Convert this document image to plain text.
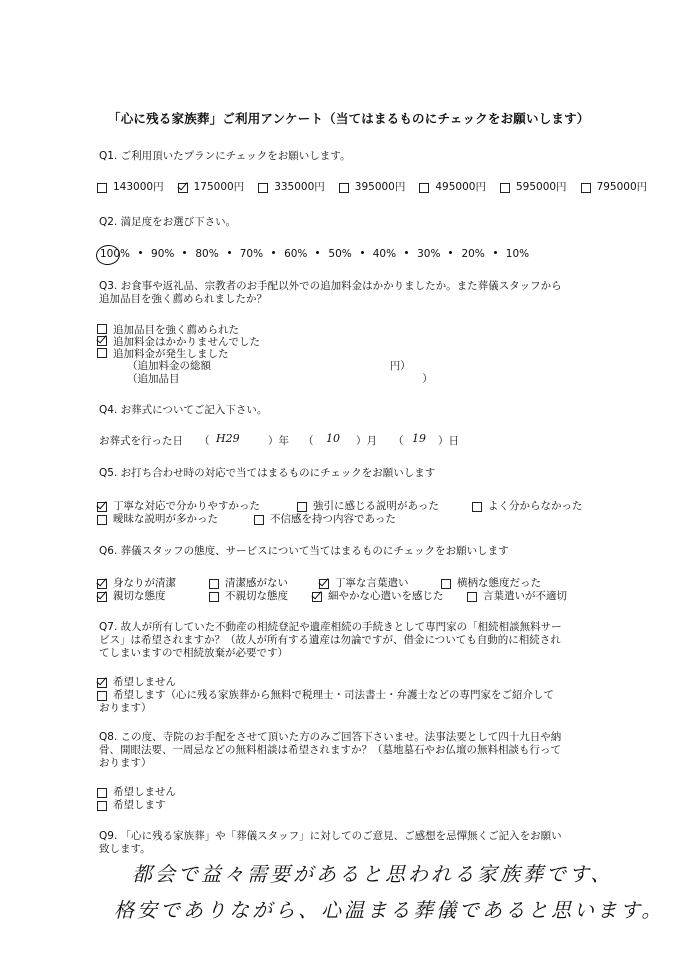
「心に残る家族葬」ご利用アンケート（当てはまるものにチェックをお願いします）
Q1. ご利用頂いたプランにチェックをお願いします。
143000円	175000円	335000円	395000円	495000円	595000円	795000円
Q2. 満足度をお選び下さい。
100% 90% 80% 70% 60% 50% 40% 30% 20% 10%
Q3. お食事や返礼品、宗教者のお手配以外での追加料金はかかりましたか。また葬儀スタッフから
追加品目を強く薦められましたか？
追加品目を強く薦められた
追加料金はかかりませんでした
追加料金が発生しました
（追加料金の総額	円）
（追加品目	）
Q4. お葬式についてご記入下さい。
お葬式を行った日 （ H29	）年 （ 10 ）月 （ 19 ）日
Q5. お打ち合わせ時の対応で当てはまるものにチェックをお願いします
丁寧な対応で分かりやすかった	強引に感じる説明があった	よく分からなかった
曖昧な説明が多かった	不信感を持つ内容であった
Q6. 葬儀スタッフの態度、サービスについて当てはまるものにチェックをお願いします
身なりが清潔	清潔感がない	丁寧な言葉遣い	横柄な態度だった
親切な態度	不親切な態度	細やかな心遣いを感じた	言葉遣いが不適切
Q7. 故人が所有していた不動産の相続登記や遺産相続の手続きとして専門家の「相続相談無料サー
ビス」は希望されますか？（故人が所有する遺産は勿論ですが、借金についても自動的に相続され
てしまいますので相続放棄が必要です）
希望しません
希望します（心に残る家族葬から無料で税理士・司法書士・弁護士などの専門家をご紹介して
おります）
Q8. この度、寺院のお手配をさせて頂いた方のみご回答下さいませ。法事法要として四十九日や納
骨、開眼法要、一周忌などの無料相談は希望されますか？（墓地墓石やお仏壇の無料相談も行って
おります）
希望しません
希望します
Q9. 「心に残る家族葬」や「葬儀スタッフ」に対してのご意見、ご感想を忌憚無くご記入をお願い
致します。
都会で益々需要があると思われる家族葬です、
格安でありながら、心温まる葬儀であると思います。
